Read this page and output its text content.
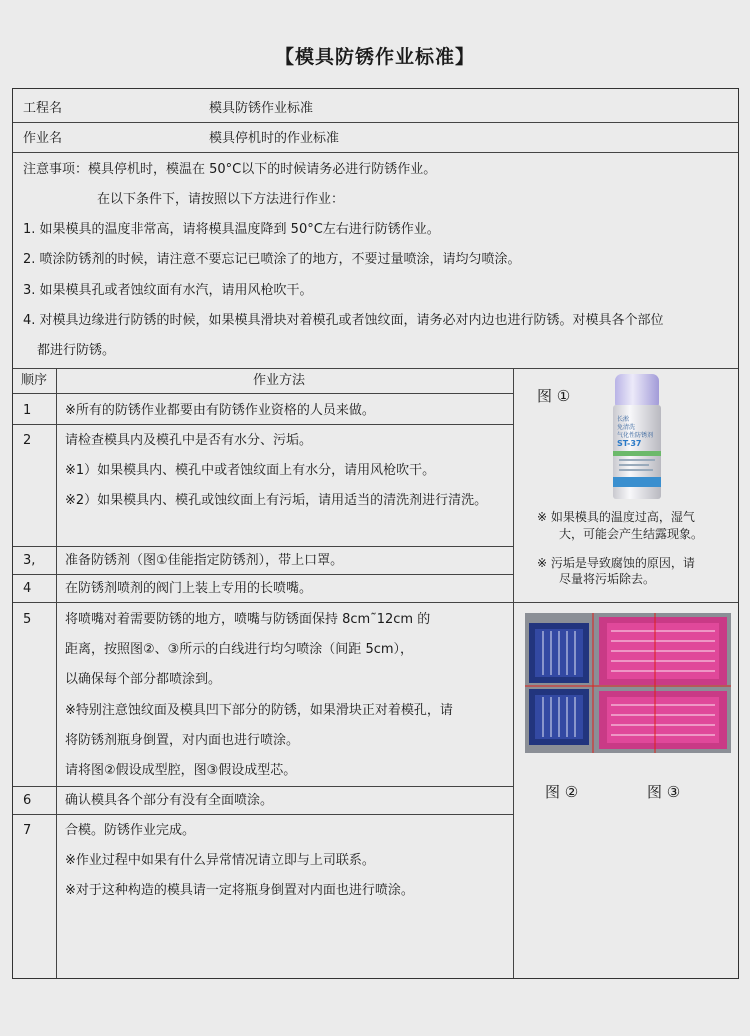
【模具防锈作业标准】
工程名	模具防锈作业标准
作业名	模具停机时的作业标准
注意事项：模具停机时，模温在 50°C以下的时候请务必进行防锈作业。
在以下条件下，请按照以下方法进行作业：
1. 如果模具的温度非常高，请将模具温度降到 50°C左右进行防锈作业。
2. 喷涂防锈剂的时候，请注意不要忘记已喷涂了的地方，不要过量喷涂，请均匀喷涂。
3. 如果模具孔或者蚀纹面有水汽，请用风枪吹干。
4. 对模具边缘进行防锈的时候，如果模具滑块对着模孔或者蚀纹面，请务必对内边也进行防锈。对模具各个部位
都进行防锈。
顺序	作业方法
1	※所有的防锈作业都要由有防锈作业资格的人员来做。
2	请检查模具内及模孔中是否有水分、污垢。
※1）如果模具内、模孔中或者蚀纹面上有水分，请用风枪吹干。
※2）如果模具内、模孔或蚀纹面上有污垢，请用适当的清洗剂进行清洗。
3, 准备防锈剂（图①佳能指定防锈剂），带上口罩。
4	在防锈剂喷剂的阀门上装上专用的长喷嘴。
5	将喷嘴对着需要防锈的地方，喷嘴与防锈面保持 8cm˜12cm 的
距离，按照图②、③所示的白线进行均匀喷涂（间距 5cm），
以确保每个部分都喷涂到。
※特别注意蚀纹面及模具凹下部分的防锈，如果滑块正对着模孔，请
将防锈剂瓶身倒置，对内面也进行喷涂。
请将图②假设成型腔，图③假设成型芯。
6	确认模具各个部分有没有全面喷涂。
7	合模。防锈作业完成。
※作业过程中如果有什么异常情况请立即与上司联系。
※对于这种构造的模具请一定将瓶身倒置对内面也进行喷涂。
图 ①
长淞
免清洗
气化性防锈剂
ST-37
※ 如果模具的温度过高，湿气
大，可能会产生结露现象。
※ 污垢是导致腐蚀的原因，请
尽量将污垢除去。
图 ②	图 ③
